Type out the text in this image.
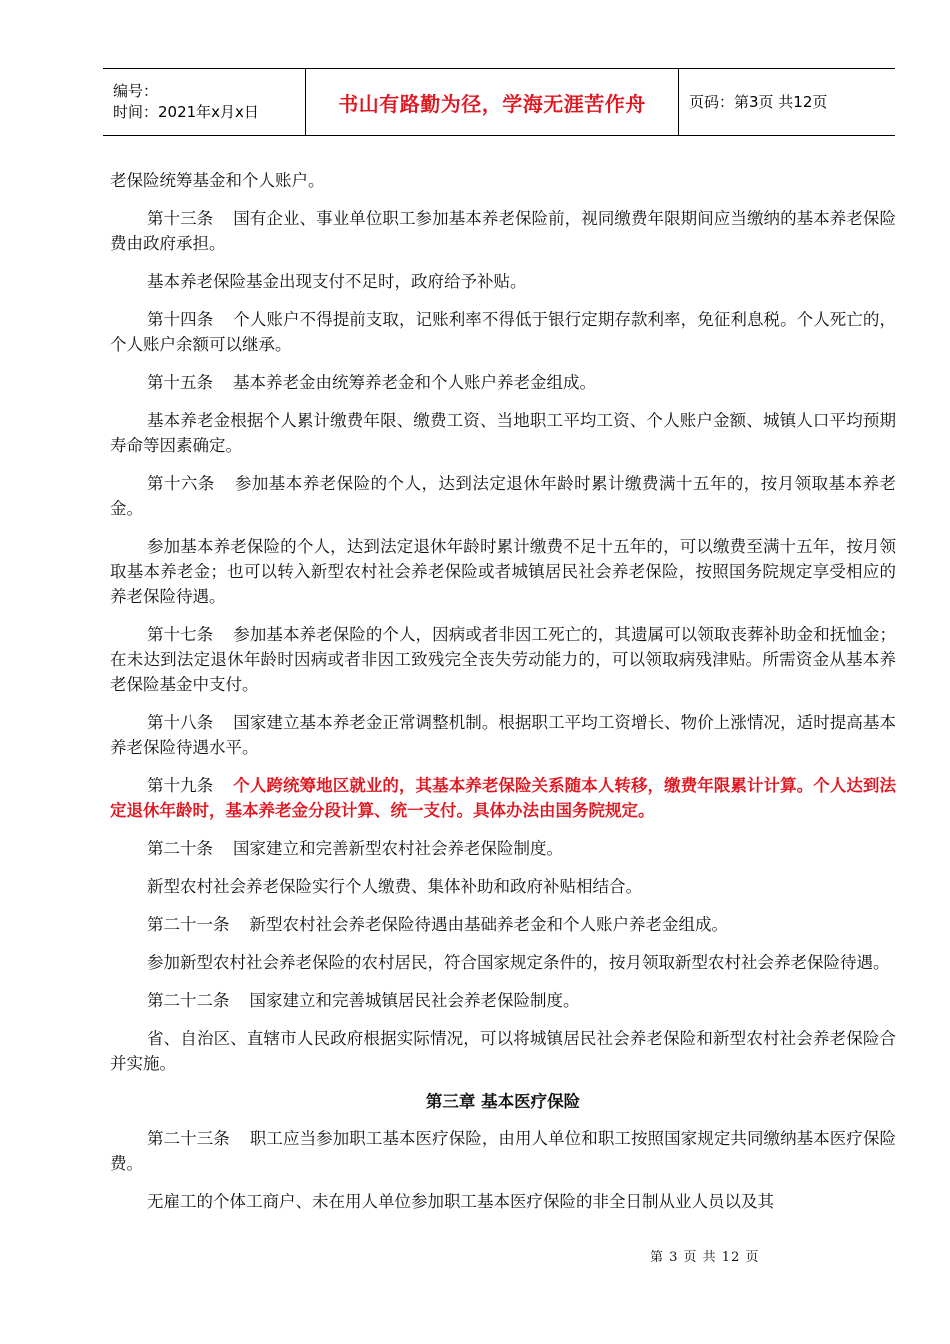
编号：
时间：2021年x月x日	书山有路勤为径，学海无涯苦作舟	页码：第3页 共12页

老保险统筹基金和个人账户。

第十三条 国有企业、事业单位职工参加基本养老保险前，视同缴费年限期间应当缴纳的基本养老保险费由政府承担。

基本养老保险基金出现支付不足时，政府给予补贴。

第十四条 个人账户不得提前支取，记账利率不得低于银行定期存款利率，免征利息税。个人死亡的，个人账户余额可以继承。

第十五条 基本养老金由统筹养老金和个人账户养老金组成。

基本养老金根据个人累计缴费年限、缴费工资、当地职工平均工资、个人账户金额、城镇人口平均预期寿命等因素确定。

第十六条 参加基本养老保险的个人，达到法定退休年龄时累计缴费满十五年的，按月领取基本养老金。

参加基本养老保险的个人，达到法定退休年龄时累计缴费不足十五年的，可以缴费至满十五年，按月领取基本养老金；也可以转入新型农村社会养老保险或者城镇居民社会养老保险，按照国务院规定享受相应的养老保险待遇。

第十七条 参加基本养老保险的个人，因病或者非因工死亡的，其遗属可以领取丧葬补助金和抚恤金；在未达到法定退休年龄时因病或者非因工致残完全丧失劳动能力的，可以领取病残津贴。所需资金从基本养老保险基金中支付。

第十八条 国家建立基本养老金正常调整机制。根据职工平均工资增长、物价上涨情况，适时提高基本养老保险待遇水平。

第十九条 个人跨统筹地区就业的，其基本养老保险关系随本人转移，缴费年限累计计算。个人达到法定退休年龄时，基本养老金分段计算、统一支付。具体办法由国务院规定。

第二十条 国家建立和完善新型农村社会养老保险制度。

新型农村社会养老保险实行个人缴费、集体补助和政府补贴相结合。

第二十一条 新型农村社会养老保险待遇由基础养老金和个人账户养老金组成。

参加新型农村社会养老保险的农村居民，符合国家规定条件的，按月领取新型农村社会养老保险待遇。

第二十二条 国家建立和完善城镇居民社会养老保险制度。

省、自治区、直辖市人民政府根据实际情况，可以将城镇居民社会养老保险和新型农村社会养老保险合并实施。

第三章 基本医疗保险

第二十三条 职工应当参加职工基本医疗保险，由用人单位和职工按照国家规定共同缴纳基本医疗保险费。

无雇工的个体工商户、未在用人单位参加职工基本医疗保险的非全日制从业人员以及其

第 3 页 共 12 页
